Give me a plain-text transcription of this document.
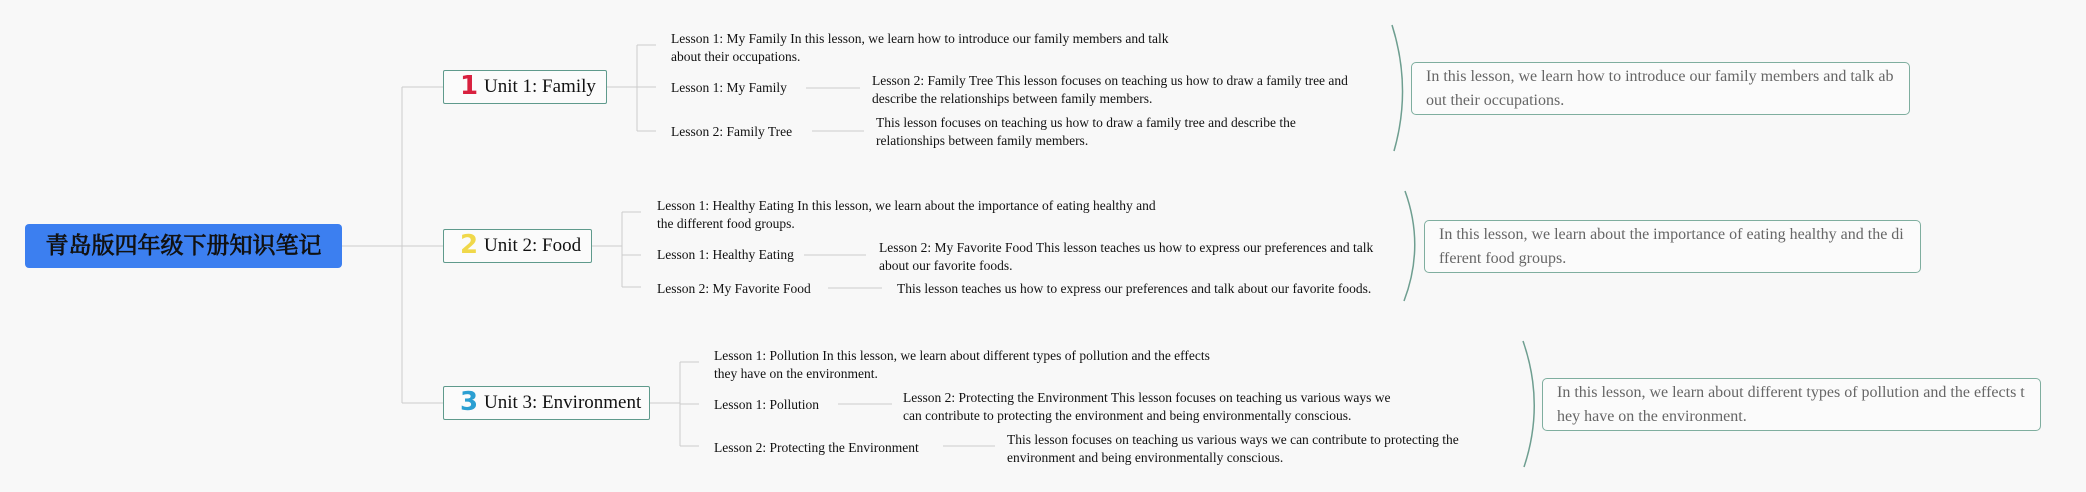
青岛版四年级下册知识笔记
1 Unit 1: Family
Lesson 1: My Family In this lesson, we learn how to introduce our family members and talk about their occupations.
Lesson 1: My Family	Lesson 2: Family Tree This lesson focuses on teaching us how to draw a family tree and describe the relationships between family members.
Lesson 2: Family Tree
This lesson focuses on teaching us how to draw a family tree and describe the relationships between family members.
In this lesson, we learn how to introduce our family members and talk about their occupations.
2 Unit 2: Food
Lesson 1: Healthy Eating In this lesson, we learn about the importance of eating healthy and the different food groups.
Lesson 1: Healthy Eating	Lesson 2: My Favorite Food This lesson teaches us how to express our preferences and talk about our favorite foods.
Lesson 2: My Favorite Food	This lesson teaches us how to express our preferences and talk about our favorite foods.
In this lesson, we learn about the importance of eating healthy and the different food groups.
3 Unit 3: Environment
Lesson 1: Pollution In this lesson, we learn about different types of pollution and the effects they have on the environment.
Lesson 1: Pollution	Lesson 2: Protecting the Environment This lesson focuses on teaching us various ways we can contribute to protecting the environment and being environmentally conscious.
Lesson 2: Protecting the Environment
This lesson focuses on teaching us various ways we can contribute to protecting the environment and being environmentally conscious.
In this lesson, we learn about different types of pollution and the effects they have on the environment.
